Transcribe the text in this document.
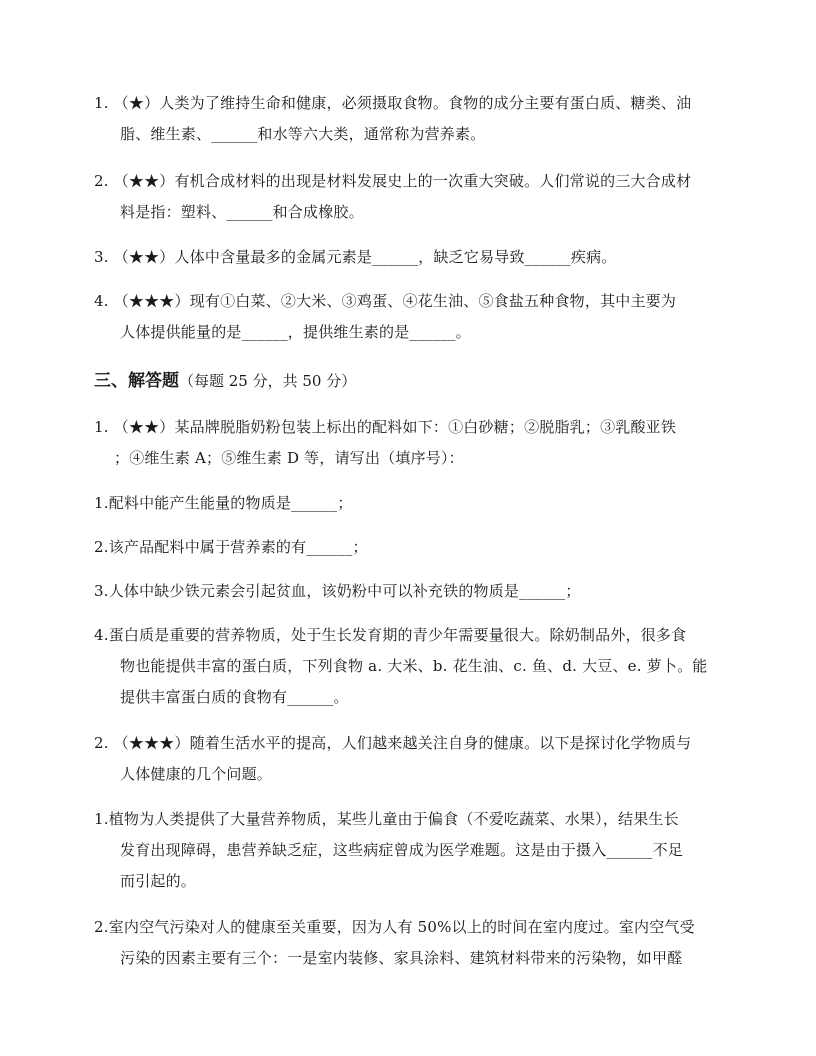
1. （★）人类为了维持生命和健康，必须摄取食物。食物的成分主要有蛋白质、糖类、油
脂、维生素、______和水等六大类，通常称为营养素。
2. （★★）有机合成材料的出现是材料发展史上的一次重大突破。人们常说的三大合成材
料是指：塑料、______和合成橡胶。
3. （★★）人体中含量最多的金属元素是______，缺乏它易导致______疾病。
4. （★★★）现有①白菜、②大米、③鸡蛋、④花生油、⑤食盐五种食物，其中主要为
人体提供能量的是______，提供维生素的是______。
三、解答题（每题 25 分，共 50 分）
1. （★★）某品牌脱脂奶粉包装上标出的配料如下：①白砂糖；②脱脂乳；③乳酸亚铁
；④维生素 A；⑤维生素 D 等，请写出（填序号）：
1.配料中能产生能量的物质是______；
2.该产品配料中属于营养素的有______；
3.人体中缺少铁元素会引起贫血，该奶粉中可以补充铁的物质是______；
4.蛋白质是重要的营养物质，处于生长发育期的青少年需要量很大。除奶制品外，很多食
物也能提供丰富的蛋白质，下列食物 a. 大米、b. 花生油、c. 鱼、d. 大豆、e. 萝卜。能
提供丰富蛋白质的食物有______。
2. （★★★）随着生活水平的提高，人们越来越关注自身的健康。以下是探讨化学物质与
人体健康的几个问题。
1.植物为人类提供了大量营养物质，某些儿童由于偏食（不爱吃蔬菜、水果），结果生长
发育出现障碍，患营养缺乏症，这些病症曾成为医学难题。这是由于摄入______不足
而引起的。
2.室内空气污染对人的健康至关重要，因为人有 50%以上的时间在室内度过。室内空气受
污染的因素主要有三个：一是室内装修、家具涂料、建筑材料带来的污染物，如甲醛
